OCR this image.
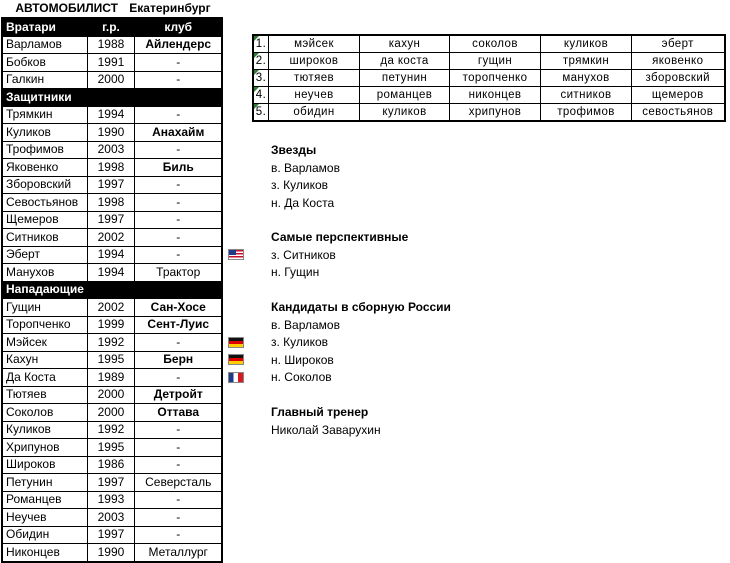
АВТОМОБИЛИСТ Екатеринбург
Вратари	г.р.	клуб
Варламов	1988	Айлендерс
Бобков	1991	-
Галкин	2000	-
Защитники		
Трямкин	1994	-
Куликов	1990	Анахайм
Трофимов	2003	-
Яковенко	1998	Биль
Зборовский	1997	-
Севостьянов	1998	-
Щемеров	1997	-
Ситников	2002	-
Эберт	1994	-
Манухов	1994	Трактор
Нападающие		
Гущин	2002	Сан-Хосе
Торопченко	1999	Сент-Луис
Мэйсек	1992	-
Кахун	1995	Берн
Да Коста	1989	-
Тютяев	2000	Детройт
Соколов	2000	Оттава
Куликов	1992	-
Хрипунов	1995	-
Широков	1986	-
Петунин	1997	Северсталь
Романцев	1993	-
Неучев	2003	-
Обидин	1997	-
Никонцев	1990	Металлург
1.	мэйсек	кахун	соколов	куликов	эберт
2.	широков	да коста	гущин	трямкин	яковенко
3.	тютяев	петунин	торопченко	манухов	зборовский
4.	неучев	романцев	никонцев	ситников	щемеров
5.	обидин	куликов	хрипунов	трофимов	севостьянов
Звезды
в. Варламов
з. Куликов
н. Да Коста
Самые перспективные
з. Ситников
н. Гущин
Кандидаты в сборную России
в. Варламов
з. Куликов
н. Широков
н. Соколов
Главный тренер
Николай Заварухин
